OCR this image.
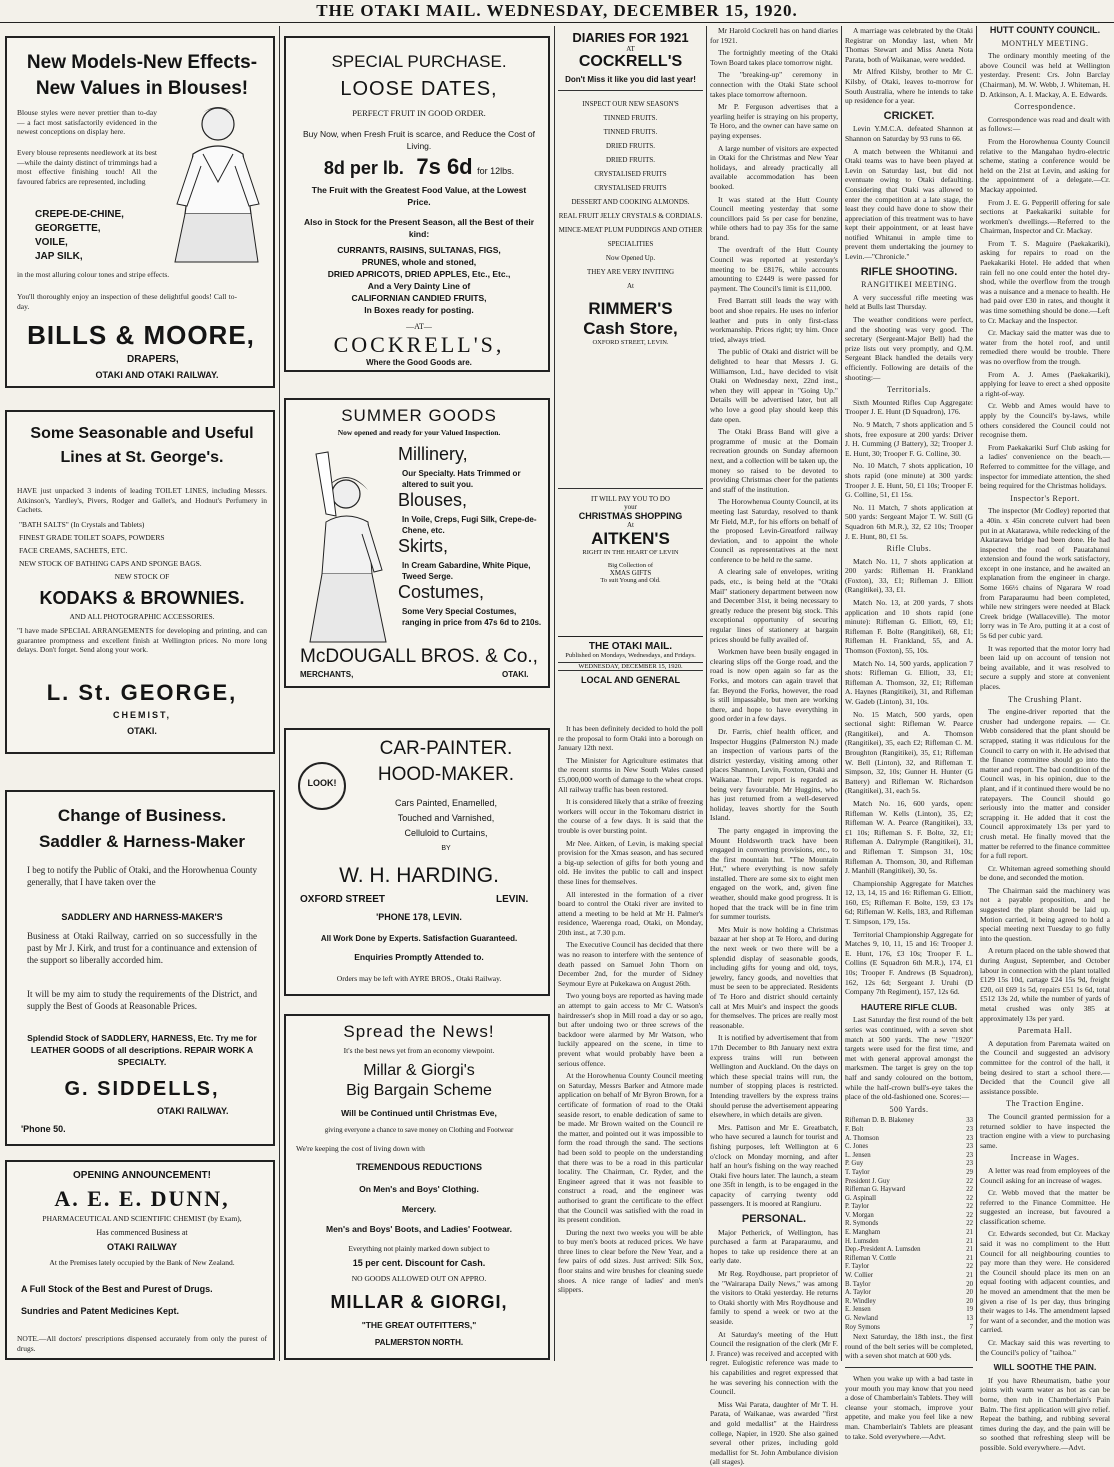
THE OTAKI MAIL. WEDNESDAY, DECEMBER 15, 1920.
New Models-New Effects-New Values in Blouses!
Blouse styles were never prettier than to-day — a fact most satisfactorily evidenced in the newest conceptions on display here.
Every blouse represents needlework at its best—while the dainty distinct of trimmings had a most effective finishing touch! All the favoured fabrics are represented, including
CREPE-DE-CHINE,
GEORGETTE,
VOILE,
JAP SILK,
in the most alluring colour tones and stripe effects.
You'll thoroughly enjoy an inspection of these delightful goods! Call to-day.
BILLS & MOORE,
DRAPERS,
OTAKI AND OTAKI RAILWAY.
Some Seasonable and Useful Lines at St. George's.
HAVE just unpacked 3 indents of leading TOILET LINES, including Messrs. Atkinson's, Yardley's, Pivers, Rodger and Gallet's, and Hodnut's Perfumery in Cachets.
"BATH SALTS" (In Crystals and Tablets)
FINEST GRADE TOILET SOAPS, POWDERS
FACE CREAMS, SACHETS, ETC.
NEW STOCK OF BATHING CAPS AND SPONGE BAGS.
NEW STOCK OF
KODAKS & BROWNIES.
AND ALL PHOTOGRAPHIC ACCESSORIES.
"I have made SPECIAL ARRANGEMENTS for developing and printing, and can guarantee promptness and excellent finish at Wellington prices. No more long delays. Don't forget. Send along your work.
L. St. GEORGE,
CHEMIST,
OTAKI.
Change of Business.
Saddler & Harness-Maker
I beg to notify the Public of Otaki, and the Horowhenua County generally, that I have taken over the
SADDLERY AND HARNESS-MAKER'S
Business at Otaki Railway, carried on so successfully in the past by Mr J. Kirk, and trust for a continuance and extension of the support so liberally accorded him.
It will be my aim to study the requirements of the District, and supply the Best of Goods at Reasonable Prices.
Splendid Stock of SADDLERY, HARNESS, Etc. Try me for LEATHER GOODS of all descriptions. REPAIR WORK A SPECIALTY.
G. SIDDELLS,
OTAKI RAILWAY.
'Phone 50.
OPENING ANNOUNCEMENT!
A. E. E. DUNN,
PHARMACEUTICAL AND SCIENTIFIC CHEMIST (by Exam),
Has commenced Business at
OTAKI RAILWAY
At the Premises lately occupied by the Bank of New Zealand.
A Full Stock of the Best and Purest of Drugs.
Sundries and Patent Medicines Kept.
NOTE.—All doctors' prescriptions dispensed accurately from only the purest of drugs.
SPECIAL PURCHASE.
LOOSE DATES,
PERFECT FRUIT IN GOOD ORDER.
Buy Now, when Fresh Fruit is scarce, and Reduce the Cost of Living.
8d per lb. 7s 6d for 12lbs.
The Fruit with the Greatest Food Value, at the Lowest Price.
Also in Stock for the Present Season, all the Best of their kind:
CURRANTS, RAISINS, SULTANAS, FIGS,
PRUNES, whole and stoned,
DRIED APRICOTS, DRIED APPLES, Etc., Etc.,
And a Very Dainty Line of
CALIFORNIAN CANDIED FRUITS,
In Boxes ready for posting.
—AT—
COCKRELL'S,
Where the Good Goods are.
SUMMER GOODS
Now opened and ready for your Valued Inspection.
Millinery,
Our Specialty. Hats Trimmed or altered to suit you.
Blouses,
In Voile, Creps, Fugi Silk, Crepe-de-Chene, etc.
Skirts,
In Cream Gabardine, White Pique, Tweed Serge.
Costumes,
Some Very Special Costumes, ranging in price from 47s 6d to 210s.
McDOUGALL BROS. & Co.,
MERCHANTS,	OTAKI.
LOOK!
CAR-PAINTER.
HOOD-MAKER.
Cars Painted, Enamelled,
Touched and Varnished,
Celluloid to Curtains,
BY
W. H. HARDING.
OXFORD STREET	LEVIN.
'PHONE 178, LEVIN.
All Work Done by Experts. Satisfaction Guaranteed.
Enquiries Promptly Attended to.
Orders may be left with AYRE BROS., Otaki Railway.
Spread the News!
It's the best news yet from an economy viewpoint.
Millar & Giorgi's
Big Bargain Scheme
Will be Continued until Christmas Eve,
giving everyone a chance to save money on Clothing and Footwear
We're keeping the cost of living down with
TREMENDOUS REDUCTIONS
On Men's and Boys' Clothing.
Mercery.
Men's and Boys' Boots, and Ladies' Footwear.
Everything not plainly marked down subject to
15 per cent. Discount for Cash.
NO GOODS ALLOWED OUT ON APPRO.
MILLAR & GIORGI,
"THE GREAT OUTFITTERS,"
PALMERSTON NORTH.
DIARIES FOR 1921
AT
COCKRELL'S
Don't Miss it like you did last year!
INSPECT OUR NEW SEASON'S
TINNED FRUITS.
TINNED FRUITS.
DRIED FRUITS.
DRIED FRUITS.
CRYSTALISED FRUITS
CRYSTALISED FRUITS
DESSERT AND COOKING ALMONDS.
REAL FRUIT JELLY CRYSTALS & CORDIALS.
MINCE-MEAT PLUM PUDDINGS AND OTHER SPECIALITIES
Now Opened Up.
THEY ARE VERY INVITING
At
RIMMER'S
Cash Store,
OXFORD STREET, LEVIN.
IT WILL PAY YOU TO DO
your
CHRISTMAS SHOPPING
At
AITKEN'S
RIGHT IN THE HEART OF LEVIN
Big Collection of
XMAS GIFTS
To suit Young and Old.
THE OTAKI MAIL.
Published on Mondays, Wednesdays, and Fridays.
WEDNESDAY, DECEMBER 15, 1920.
LOCAL AND GENERAL

It has been definitely decided to hold the poll re the proposal to form Otaki into a borough on January 12th next.

The Minister for Agriculture estimates that the recent storms in New South Wales caused £5,000,000 worth of damage to the wheat crops. All railway traffic has been restored.

It is considered likely that a strike of freezing workers will occur in the Tokomaru district in the course of a few days. It is said that the trouble is over bursting point.

Mr Nee. Aitken, of Levin, is making special provision for the Xmas season, and has secured a big-up selection of gifts for both young and old. He invites the public to call and inspect these lines for themselves.

All interested in the formation of a river board to control the Otaki river are invited to attend a meeting to be held at Mr H. Palmer's residence, Waerenga road, Otaki, on Monday, 20th inst., at 7.30 p.m.

The Executive Council has decided that there was no reason to interfere with the sentence of death passed on Samuel John Thorn on December 2nd, for the murder of Sidney Seymour Eyre at Pukekawa on August 26th.

Two young boys are reported as having made an attempt to gain access to Mr C. Watson's hairdresser's shop in Mill road a day or so ago, but after undoing two or three screws of the backdoor were alarmed by Mr Watson, who luckily appeared on the scene, in time to prevent what would probably have been a serious offence.

At the Horowhenua County Council meeting on Saturday, Messrs Barker and Atmore made application on behalf of Mr Byron Brown, for a certificate of formation of road to the Otaki seaside resort, to enable dedication of same to be made. Mr Brown waited on the Council re the matter, and pointed out it was impossible to form the road through the sand. The sections had been sold to people on the understanding that there was to be a road in this particular locality. The Chairman, Cr. Ryder, and the Engineer agreed that it was not feasible to construct a road, and the engineer was authorised to grant the certificate to the effect that the Council was satisfied with the road in its present condition.

During the next two weeks you will be able to buy men's boots at reduced prices. We have three lines to clear before the New Year, and a few pairs of odd sizes. Just arrived: Silk Sox, floor stains and wire brushes for cleaning suede shoes. A nice range of ladies' and men's slippers.

Mr Harold Cockrell has on hand diaries for 1921.

The fortnightly meeting of the Otaki Town Board takes place tomorrow night.

The "breaking-up" ceremony in connection with the Otaki State school takes place tomorrow afternoon.

Mr P. Ferguson advertises that a yearling heifer is straying on his property, Te Horo, and the owner can have same on paying expenses.

A large number of visitors are expected in Otaki for the Christmas and New Year holidays, and already practically all available accommodation has been booked.

It was stated at the Hutt County Council meeting yesterday that some councillors paid 5s per case for benzine, while others had to pay 35s for the same brand.

The overdraft of the Hutt County Council was reported at yesterday's meeting to be £8176, while accounts amounting to £2449 is were passed for payment. The Council's limit is £11,000.

Fred Barratt still leads the way with boot and shoe repairs. He uses no inferior leather and puts in only first-class workmanship. Prices right; try him. Once tried, always tried.

The public of Otaki and district will be delighted to hear that Messrs J. G. Williamson, Ltd., have decided to visit Otaki on Wednesday next, 22nd inst., when they will appear in "Going Up." Details will be advertised later, but all who love a good play should keep this date open.

The Otaki Brass Band will give a programme of music at the Domain recreation grounds on Sunday afternoon next, and a collection will be taken up, the money so raised to be devoted to providing Christmas cheer for the patients and staff of the institution.

The Horowhenua County Council, at its meeting last Saturday, resolved to thank Mr Field, M.P., for his efforts on behalf of the proposed Levin-Greatford railway deviation, and to appoint the whole Council as representatives at the next conference to be held re the same.

A clearing sale of envelopes, writing pads, etc., is being held at the "Otaki Mail" stationery department between now and December 31st, it being necessary to greatly reduce the present big stock. This exceptional opportunity of securing regular lines of stationery at bargain prices should be fully availed of.

Workmen have been busily engaged in clearing slips off the Gorge road, and the road is now open again so far as the Forks, and motors can again travel that far. Beyond the Forks, however, the road is still impassable, but men are working there, and hope to have everything in good order in a few days.

Dr. Farris, chief health officer, and Inspector Huggins (Palmerston N.) made an inspection of various parts of the district yesterday, visiting among other places Shannon, Levin, Foxton, Otaki and Waikanae. Their report is regarded as being very favourable. Mr Huggins, who has just returned from a well-deserved holiday, leaves shortly for the South Island.

The party engaged in improving the Mount Holdsworth track have been engaged in converting provisions, etc., to the first mountain hut. "The Mountain Hut," where everything is now safely installed. There are some six to eight men engaged on the work, and, given fine weather, should make good progress. It is hoped that the track will be in fine trim for summer tourists.

Mrs Muir is now holding a Christmas bazaar at her shop at Te Horo, and during the next week or two there will be a splendid display of seasonable goods, including gifts for young and old, toys, jewelry, fancy goods, and novelties that must be seen to be appreciated. Residents of Te Horo and district should certainly call at Mrs Muir's and inspect the goods for themselves. The prices are really most reasonable.

It is notified by advertisement that from 17th December to 8th January next extra express trains will run between Wellington and Auckland. On the days on which these special trains will run, the number of stopping places is restricted. Intending travellers by the express trains should peruse the advertisement appearing elsewhere, in which details are given.

Mrs. Pattison and Mr E. Greatbatch, who have secured a launch for tourist and fishing purposes, left Wellington at 6 o'clock on Monday morning, and after half an hour's fishing on the way reached Otaki five hours later. The launch, a steam one 35ft in length, is to be engaged in the capacity of carrying twenty odd passengers. It is moored at Rangiuru.

PERSONAL.

Major Petherick, of Wellington, has purchased a farm at Paraparaumu, and hopes to take up residence there at an early date.

Mr Reg. Roydhouse, part proprietor of the "Wairarapa Daily News," was among the visitors to Otaki yesterday. He returns to Otaki shortly with Mrs Roydhouse and family to spend a week or two at the seaside.

At Saturday's meeting of the Hutt Council the resignation of the clerk (Mr F. J. France) was received and accepted with regret. Eulogistic reference was made to his capabilities and regret expressed that he was severing his connection with the Council.

Miss Wai Parata, daughter of Mr T. H. Parata, of Waikanae, was awarded "first and gold medallist" at the Hairdress college, Napier, in 1920. She also gained several other prizes, including gold medallist for St. John Ambulance division (all stages).

A marriage was celebrated by the Otaki Registrar on Monday last, when Mr Thomas Stewart and Miss Aneta Nota Parata, both of Waikanae, were wedded.

Mr Alfred Kilsby, brother to Mr C. Kilsby, of Otaki, leaves to-morrow for South Australia, where he intends to take up residence for a year.

CRICKET.

Levin Y.M.C.A. defeated Shannon at Shannon on Saturday by 93 runs to 66.

A match between the Whitanui and Otaki teams was to have been played at Levin on Saturday last, but did not eventuate owing to Otaki defaulting. Considering that Otaki was allowed to enter the competition at a late stage, the least they could have done to show their appreciation of this treatment was to have kept their appointment, or at least have notified Whitanui in ample time to prevent them undertaking the journey to Levin.—"Chronicle."

RIFLE SHOOTING.
RANGITIKEI MEETING.

A very successful rifle meeting was held at Bulls last Thursday.

The weather conditions were perfect, and the shooting was very good. The secretary (Sergeant-Major Bell) had the prize lists out very promptly, and Q.M. Sergeant Black handled the details very efficiently. Following are details of the shooting:—

Territorials.

Sixth Mounted Rifles Cup Aggregate: Trooper J. E. Hunt (D Squadron), 176.

No. 9 Match, 7 shots application and 5 shots, free exposure at 200 yards: Driver J. H. Cumming (J Battery), 32; Trooper J. E. Hunt, 30; Trooper F. G. Colline, 30.

No. 10 Match, 7 shots application, 10 shots rapid (one minute) at 300 yards: Trooper J. E. Hunt, 50, £1 10s; Trooper F. G. Colline, 51, £1 15s.

No. 11 Match, 7 shots application at 500 yards: Sergeant Major T. W. Still (G Squadron 6th M.R.), 32, £2 10s; Trooper J. E. Hunt, 80, £1 5s.

Rifle Clubs.

Match No. 11, 7 shots application at 200 yards: Rifleman H. Frankland (Foxton), 33, £1; Rifleman J. Elliott (Rangitikei), 33, £1.

Match No. 13, at 200 yards, 7 shots application and 10 shots rapid (one minute): Rifleman G. Elliott, 69, £1; Rifleman F. Bolte (Rangitikei), 68, £1; Rifleman H. Frankland, 55, and A. Thomson (Foxton), 55, 10s.

Match No. 14, 500 yards, application 7 shots: Rifleman G. Elliott, 33, £1; Rifleman A. Thomson, 32, £1; Rifleman A. Haynes (Rangitikei), 31, and Rifleman W. Gadeb (Linton), 31, 10s.

No. 15 Match, 500 yards, open sectional sight: Rifleman W. Pearce (Rangitikei), and A. Thomson (Rangitikei), 35, each £2; Rifleman C. M. Broughton (Rangitikei), 35, £1; Rifleman W. Bell (Linton), 32, and Rifleman T. Simpson, 32, 10s; Gunner H. Hunter (G Battery) and Rifleman W. Richardson (Rangitikei), 31, each 5s.

Match No. 16, 600 yards, open: Rifleman W. Kells (Linton), 35, £2; Rifleman W. A. Pearce (Rangitikei), 33, £1 10s; Rifleman S. F. Bolte, 32, £1; Rifleman A. Dalrymple (Rangitikei), 31, and Rifleman T. Simpson 31, 10s; Rifleman A. Thomson, 30, and Rifleman J. Manhill (Rangitikei), 30, 5s.

Championship Aggregate for Matches 12, 13, 14, 15 and 16: Rifleman G. Elliott, 160, £5; Rifleman F. Bolte, 159, £3 17s 6d; Rifleman W. Kells, 183, and Rifleman T. Simpson, 179, 15s.

Territorial Championship Aggregate for Matches 9, 10, 11, 15 and 16: Trooper J. E. Hunt, 176, £3 10s; Trooper F. L. Collins (E Squadron 6th M.R.), 174, £1 10s; Trooper F. Andrews (B Squadron), 162, 12s 6d; Sergeant J. Uruhi (D Company 7th Regiment), 157, 12s 6d.

HAUTERE RIFLE CLUB.

Last Saturday the first round of the belt series was continued, with a seven shot match at 500 yards. The new "1920" targets were used for the first time, and met with general approval amongst the marksmen. The target is grey on the top half and sandy coloured on the bottom, while the half-crown bull's-eye takes the place of the old-fashioned one. Scores:—

500 Yards.
Rifleman D. B. Blakeney	33
F. Bolt	23
A. Thomson	23
C. Jones	23
L. Jensen	23
P. Guy	23
T. Taylor	29
President J. Guy	22
Rifleman G. Hayward	22
G. Aspinall	22
P. Taylor	22
V. Morgan	22
R. Symonds	22
E. Mangham	21
H. Lumsden	21
Dep.-President A. Lumsden	21
Rifleman V. Cottle	21
F. Taylor	22
W. Collier	21
B. Taylor	20
A. Taylor	20
R. Windley	20
E. Jensen	19
G. Newland	13
Roy Symons	7

Next Saturday, the 18th inst., the first round of the belt series will be completed, with a seven shot match at 600 yds.

When you wake up with a bad taste in your mouth you may know that you need a dose of Chamberlain's Tablets. They will cleanse your stomach, improve your appetite, and make you feel like a new man. Chamberlain's Tablets are pleasant to take. Sold everywhere.—Advt.

HUTT COUNTY COUNCIL.
MONTHLY MEETING.

The ordinary monthly meeting of the above Council was held at Wellington yesterday. Present: Crs. John Barclay (Chairman), M. W. Webb, J. Whiteman, H. D. Atkinson, A. I. Mackay, A. E. Edwards.

Correspondence.

Correspondence was read and dealt with as follows:—

From the Horowhenua County Council relative to the Mangahao hydro-electric scheme, stating a conference would be held on the 21st at Levin, and asking for the appointment of a delegate.—Cr. Mackay appointed.

From J. E. G. Pepperill offering for sale sections at Paekakariki suitable for workmen's dwellings.—Referred to the Chairman, Inspector and Cr. Mackay.

From T. S. Maguire (Paekakariki), asking for repairs to road on the Paekakariki Hotel. He added that when rain fell no one could enter the hotel dry-shod, while the overflow from the trough was a nuisance and a menace to health. He had paid over £30 in rates, and thought it was time something should be done.—Left to Cr. Mackay and the Inspector.

Cr. Mackay said the matter was due to water from the hotel roof, and until remedied there would be trouble. There was no overflow from the trough.

From A. J. Ames (Paekakariki), applying for leave to erect a shed opposite a right-of-way.

Cr. Webb and Ames would have to apply by the Council's by-laws, while others considered the Council could not recognise them.

From Paekakariki Surf Club asking for a ladies' convenience on the beach.—Referred to committee for the village, and inspector for immediate attention, the shed being required for the Christmas holidays.

Inspector's Report.

The inspector (Mr Codley) reported that a 40in. x 45in concrete culvert had been put in at Akatarawa, while redecking of the Akatarawa bridge had been done. He had inspected the road of Pauatahanui extension and found the work satisfactory, except in one instance, and he awaited an explanation from the engineer in charge. Some 166½ chains of Ngarara W road from Paraparaumu had been completed, while new stringers were needed at Black Creek bridge (Wallaceville). The motor lorry was in Te Aro, putting it at a cost of 5s 6d per cubic yard.

It was reported that the motor lorry had been laid up on account of tension not being available, and it was resolved to secure a supply and store at convenient places.

The Crushing Plant.

The engine-driver reported that the crusher had undergone repairs. — Cr. Webb considered that the plant should be scrapped, stating it was ridiculous for the Council to carry on with it. He advised that the finance committee should go into the matter and report. The bad condition of the Council was, in his opinion, due to the plant, and if it continued there would be no ratepayers. The Council should go seriously into the matter and consider scrapping it. He added that it cost the Council approximately 13s per yard to crush metal. He finally moved that the matter be referred to the finance committee for a full report.

Cr. Whiteman agreed something should be done, and seconded the motion.

The Chairman said the machinery was not a payable proposition, and he suggested the plant should be laid up. Motion carried, it being agreed to hold a special meeting next Tuesday to go fully into the question.

A return placed on the table showed that during August, September, and October labour in connection with the plant totalled £129 15s 10d, cartage £24 15s 9d, freight £20, oil £69 1s 5d, repairs £51 1s 6d, total £512 13s 2d, while the number of yards of metal crushed was only 385 at approximately 13s per yard.

Paremata Hall.

A deputation from Paremata waited on the Council and suggested an advisory committee for the control of the hall, it being desired to start a school there.—Decided that the Council give all assistance possible.

The Traction Engine.

The Council granted permission for a returned soldier to have inspected the traction engine with a view to purchasing same.

Increase in Wages.

A letter was read from employees of the Council asking for an increase of wages.

Cr. Webb moved that the matter be referred to the Finance Committee. He suggested an increase, but favoured a classification scheme.

Cr. Edwards seconded, but Cr. Mackay said it was no compliment to the Hutt Council for all neighbouring counties to pay more than they were. He considered the Council should place its men on an equal footing with adjacent counties, and he moved an amendment that the men be given a rise of 1s per day, thus bringing their wages to 14s. The amendment lapsed for want of a seconder, and the motion was carried.

Cr. Mackay said this was reverting to the Council's policy of "taihoa."

WILL SOOTHE THE PAIN.

If you have Rheumatism, bathe your joints with warm water as hot as can be borne, then rub in Chamberlain's Pain Balm. The first application will give relief. Repeat the bathing, and rubbing several times during the day, and the pain will be so soothed that refreshing sleep will be possible. Sold everywhere.—Advt.
